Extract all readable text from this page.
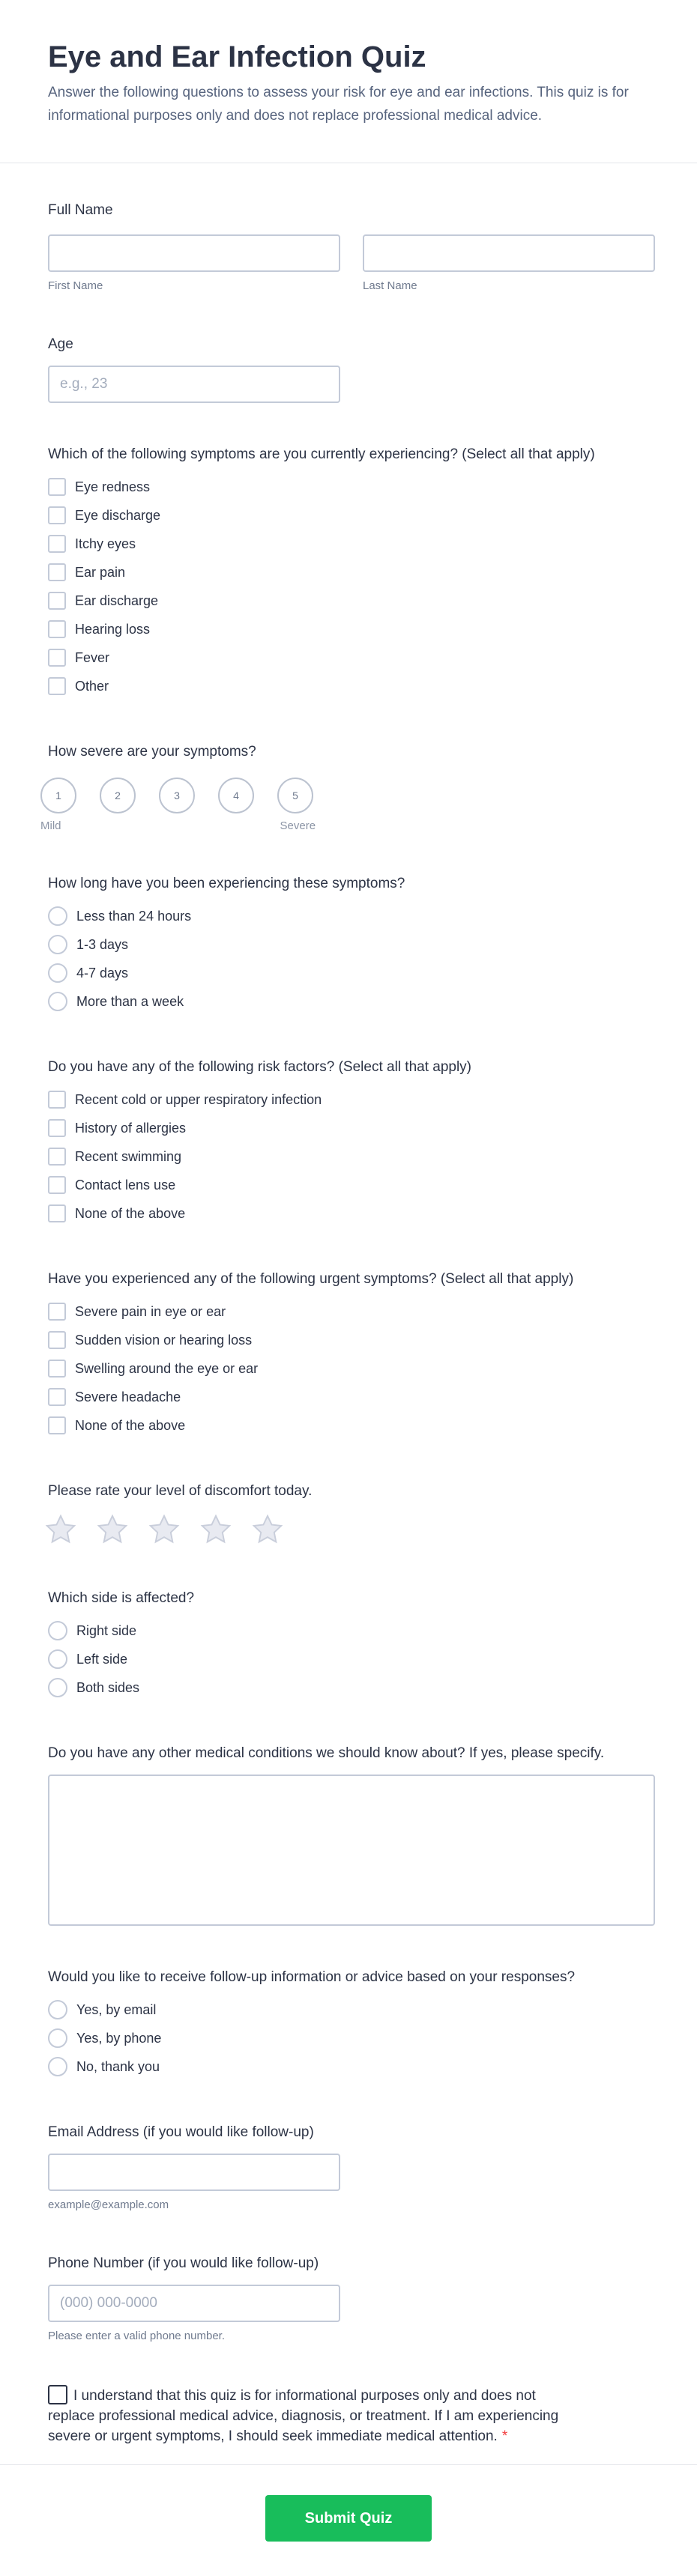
Eye and Ear Infection Quiz

Answer the following questions to assess your risk for eye and ear infections. This quiz is for informational purposes only and does not replace professional medical advice.

Full Name
First Name	Last Name
Age
e.g., 23
Which of the following symptoms are you currently experiencing? (Select all that apply)
Eye redness
Eye discharge
Itchy eyes
Ear pain
Ear discharge
Hearing loss
Fever
Other
How severe are your symptoms?
1	2	3	4	5
Mild	Severe
How long have you been experiencing these symptoms?
Less than 24 hours
1-3 days
4-7 days
More than a week
Do you have any of the following risk factors? (Select all that apply)
Recent cold or upper respiratory infection
History of allergies
Recent swimming
Contact lens use
None of the above
Have you experienced any of the following urgent symptoms? (Select all that apply)
Severe pain in eye or ear
Sudden vision or hearing loss
Swelling around the eye or ear
Severe headache
None of the above
Please rate your level of discomfort today.
Which side is affected?
Right side
Left side
Both sides
Do you have any other medical conditions we should know about? If yes, please specify.
Would you like to receive follow-up information or advice based on your responses?
Yes, by email
Yes, by phone
No, thank you
Email Address (if you would like follow-up)
example@example.com
Phone Number (if you would like follow-up)
(000) 000-0000
Please enter a valid phone number.
I understand that this quiz is for informational purposes only and does not replace professional medical advice, diagnosis, or treatment. If I am experiencing severe or urgent symptoms, I should seek immediate medical attention. *
Submit Quiz
